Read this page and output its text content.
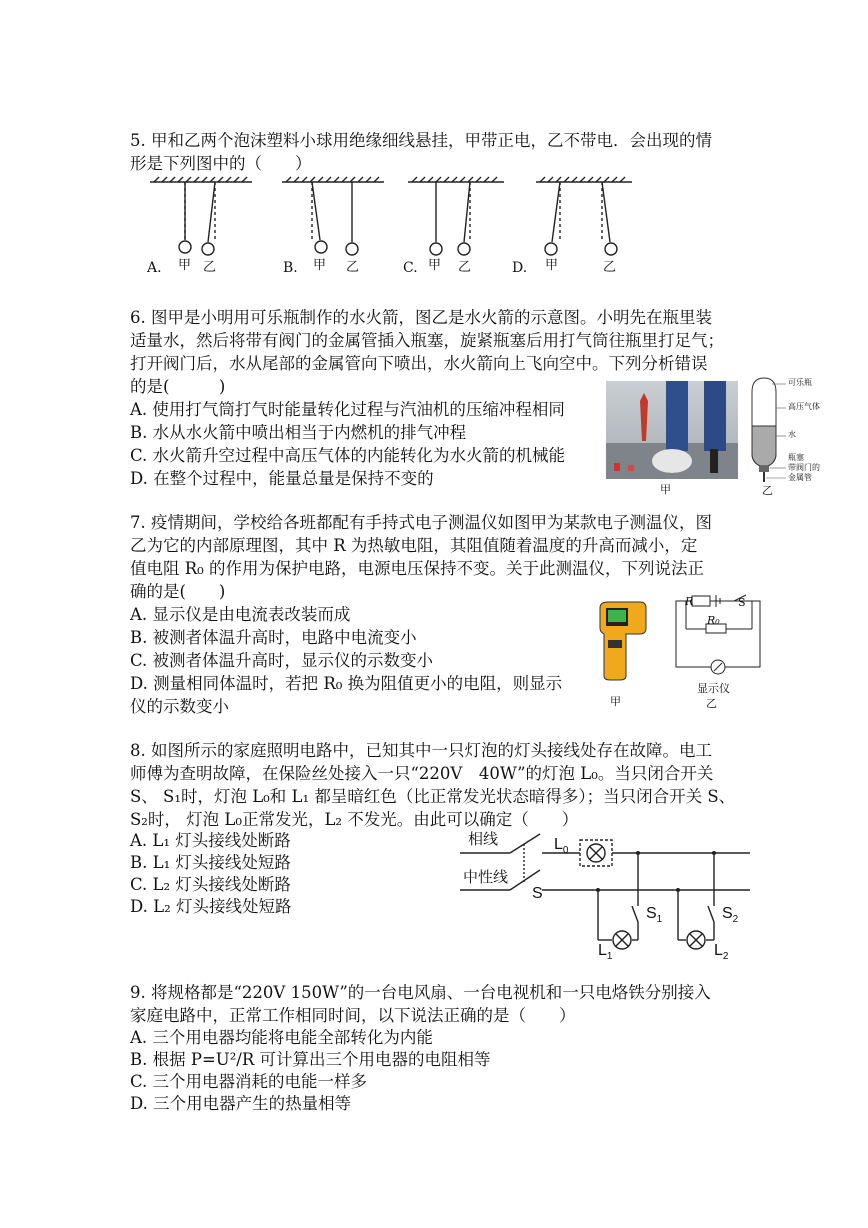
5. 甲和乙两个泡沫塑料小球用绝缘细线悬挂，甲带正电，乙不带电．会出现的情
形是下列图中的（　　）
A. 甲 乙	B. 甲 乙	C. 甲 乙	D. 甲	乙
6. 图甲是小明用可乐瓶制作的水火箭，图乙是水火箭的示意图。小明先在瓶里装
适量水，然后将带有阀门的金属管插入瓶塞，旋紧瓶塞后用打气筒往瓶里打足气；
打开阀门后，水从尾部的金属管向下喷出，水火箭向上飞向空中。下列分析错误
的是(　　　)
A. 使用打气筒打气时能量转化过程与汽油机的压缩冲程相同
B. 水从水火箭中喷出相当于内燃机的排气冲程
C. 水火箭升空过程中高压气体的内能转化为水火箭的机械能
D. 在整个过程中，能量总量是保持不变的
甲
可乐瓶
高压气体
水
瓶塞
带阀门的
金属管
乙
7. 疫情期间，学校给各班都配有手持式电子测温仪如图甲为某款电子测温仪，图
乙为它的内部原理图，其中 R 为热敏电阻，其阻值随着温度的升高而减小，定
值电阻 R₀ 的作用为保护电路，电源电压保持不变。关于此测温仪，下列说法正
确的是(　　)
A. 显示仪是由电流表改装而成
B. 被测者体温升高时，电路中电流变小
C. 被测者体温升高时，显示仪的示数变小
D. 测量相同体温时，若把 R₀ 换为阻值更小的电阻，则显示
仪的示数变小	甲
R	S
R₀
显示仪
乙
8. 如图所示的家庭照明电路中，已知其中一只灯泡的灯头接线处存在故障。电工
师傅为查明故障，在保险丝处接入一只“220V　40W”的灯泡 L₀。当只闭合开关
S、 S₁时，灯泡 L₀和 L₁ 都呈暗红色（比正常发光状态暗得多）；当只闭合开关 S、
S₂时， 灯泡 L₀正常发光，L₂ 不发光。由此可以确定（　　）
A. L₁ 灯头接线处断路
B. L₁ 灯头接线处短路
C. L₂ 灯头接线处断路
D. L₂ 灯头接线处短路
相线
中性线
$L_0$
S
$S_1$	$S_2$
$L_1$	$L_2$
9. 将规格都是“220V 150W”的一台电风扇、一台电视机和一只电烙铁分别接入
家庭电路中，正常工作相同时间，以下说法正确的是（　　）
A. 三个用电器均能将电能全部转化为内能
B. 根据 P=U²/R 可计算出三个用电器的电阻相等
C. 三个用电器消耗的电能一样多
D. 三个用电器产生的热量相等
